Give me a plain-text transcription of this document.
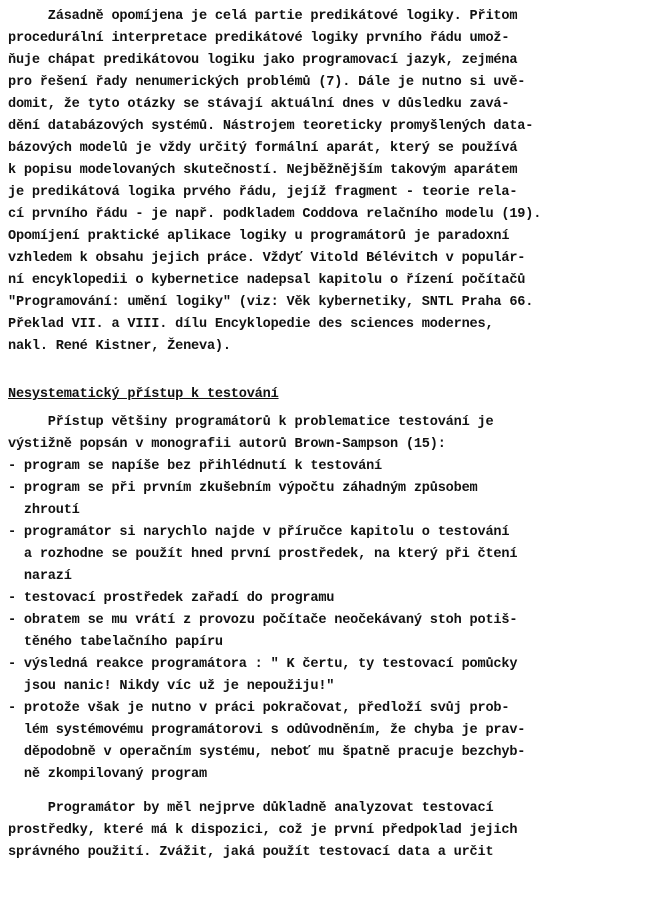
Zásadně opomíjena je celá partie predikátové logiky. Přitom
procedurální interpretace predikátové logiky prvního řádu umož-
ňuje chápat predikátovou logiku jako programovací jazyk, zejména
pro řešení řady nenumerických problémů (7). Dále je nutno si uvě-
domit, že tyto otázky se stávají aktuální dnes v důsledku zavá-
dění databázových systémů. Nástrojem teoreticky promyšlených data-
bázových modelů je vždy určitý formální aparát, který se používá
k popisu modelovaných skutečností. Nejběžnějším takovým aparátem
je predikátová logika prvého řádu, jejíž fragment - teorie rela-
cí prvního řádu - je např. podkladem Coddova relačního modelu (19).
Opomíjení praktické aplikace logiky u programátorů je paradoxní
vzhledem k obsahu jejich práce. Vždyť Vitold Bélévitch v populár-
ní encyklopedii o kybernetice nadepsal kapitolu o řízení počítačů
"Programování: umění logiky" (viz: Věk kybernetiky, SNTL Praha 66.
Překlad VII. a VIII. dílu Encyklopedie des sciences modernes,
nakl. René Kistner, Ženeva).
Nesystematický přístup k testování
Přístup většiny programátorů k problematice testování je
výstižně popsán v monografii autorů Brown-Sampson (15):
- program se napíše bez přihlédnutí k testování
- program se při prvním zkušebním výpočtu záhadným způsobem
zhroutí
- programátor si narychlo najde v příručce kapitolu o testování
a rozhodne se použít hned první prostředek, na který při čtení
narazí
- testovací prostředek zařadí do programu
- obratem se mu vrátí z provozu počítače neočekávaný stoh potiš-
těného tabelačního papíru
- výsledná reakce programátora : " K čertu, ty testovací pomůcky
jsou nanic! Nikdy víc už je nepoužiju!"
- protože však je nutno v práci pokračovat, předloží svůj prob-
lém systémovému programátorovi s odůvodněním, že chyba je prav-
děpodobně v operačním systému, neboť mu špatně pracuje bezchyb-
ně zkompilovaný program
Programátor by měl nejprve důkladně analyzovat testovací
prostředky, které má k dispozici, což je první předpoklad jejich
správného použití. Zvážit, jaká použít testovací data a určit
